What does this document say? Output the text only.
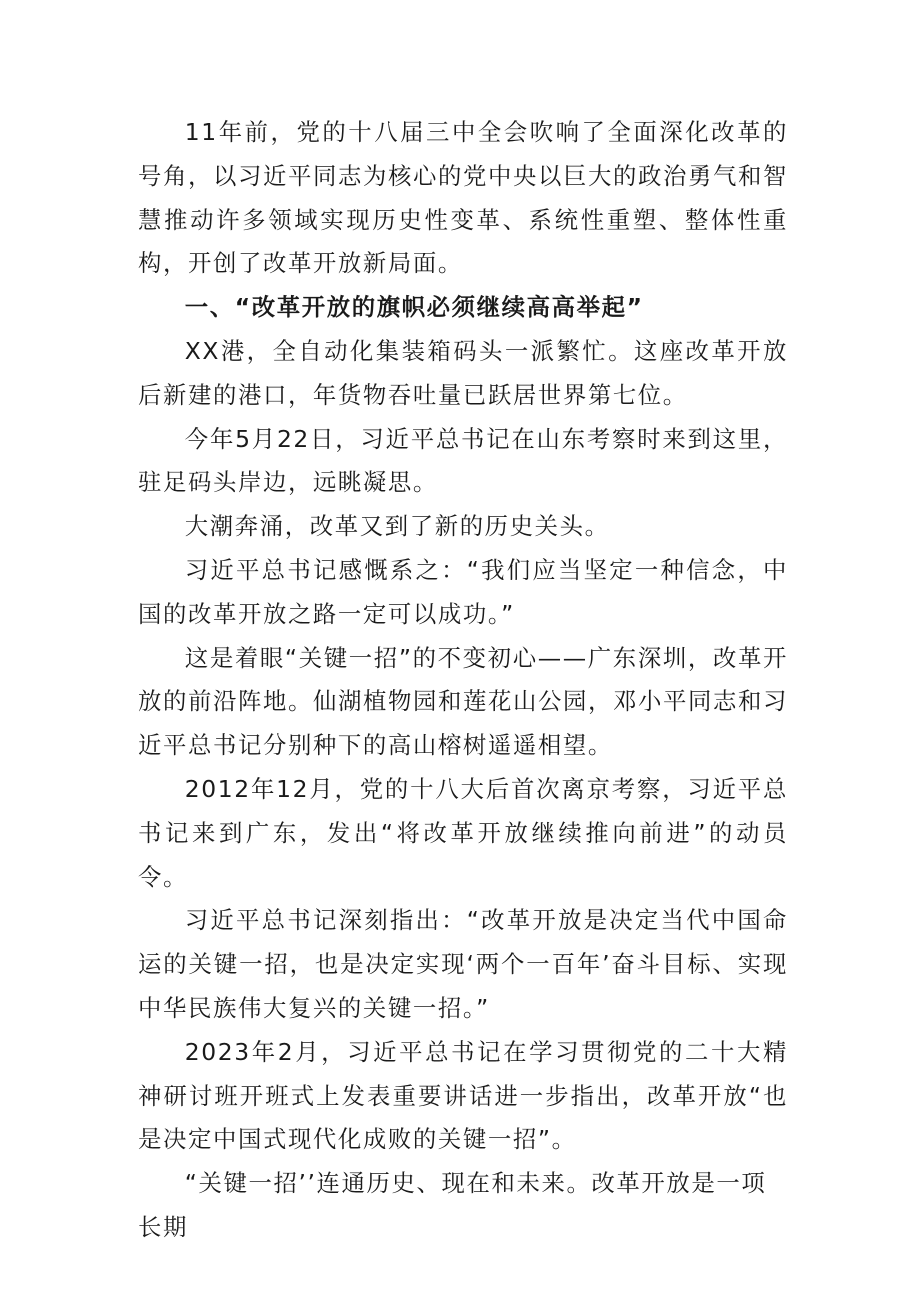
11年前，党的十八届三中全会吹响了全面深化改革的号角，以习近平同志为核心的党中央以巨大的政治勇气和智慧推动许多领域实现历史性变革、系统性重塑、整体性重构，开创了改革开放新局面。

一、“改革开放的旗帜必须继续高高举起”

XX港，全自动化集装箱码头一派繁忙。这座改革开放后新建的港口，年货物吞吐量已跃居世界第七位。

今年5月22日，习近平总书记在山东考察时来到这里，驻足码头岸边，远眺凝思。

大潮奔涌，改革又到了新的历史关头。

习近平总书记感慨系之：“我们应当坚定一种信念，中国的改革开放之路一定可以成功。”

这是着眼“关键一招”的不变初心——广东深圳，改革开放的前沿阵地。仙湖植物园和莲花山公园，邓小平同志和习近平总书记分别种下的高山榕树遥遥相望。

2012年12月，党的十八大后首次离京考察，习近平总书记来到广东，发出“将改革开放继续推向前进”的动员令。

习近平总书记深刻指出：“改革开放是决定当代中国命运的关键一招，也是决定实现‘两个一百年’奋斗目标、实现中华民族伟大复兴的关键一招。”

2023年2月，习近平总书记在学习贯彻党的二十大精神研讨班开班式上发表重要讲话进一步指出，改革开放“也是决定中国式现代化成败的关键一招”。

“关键一招’’连通历史、现在和未来。改革开放是一项长期
